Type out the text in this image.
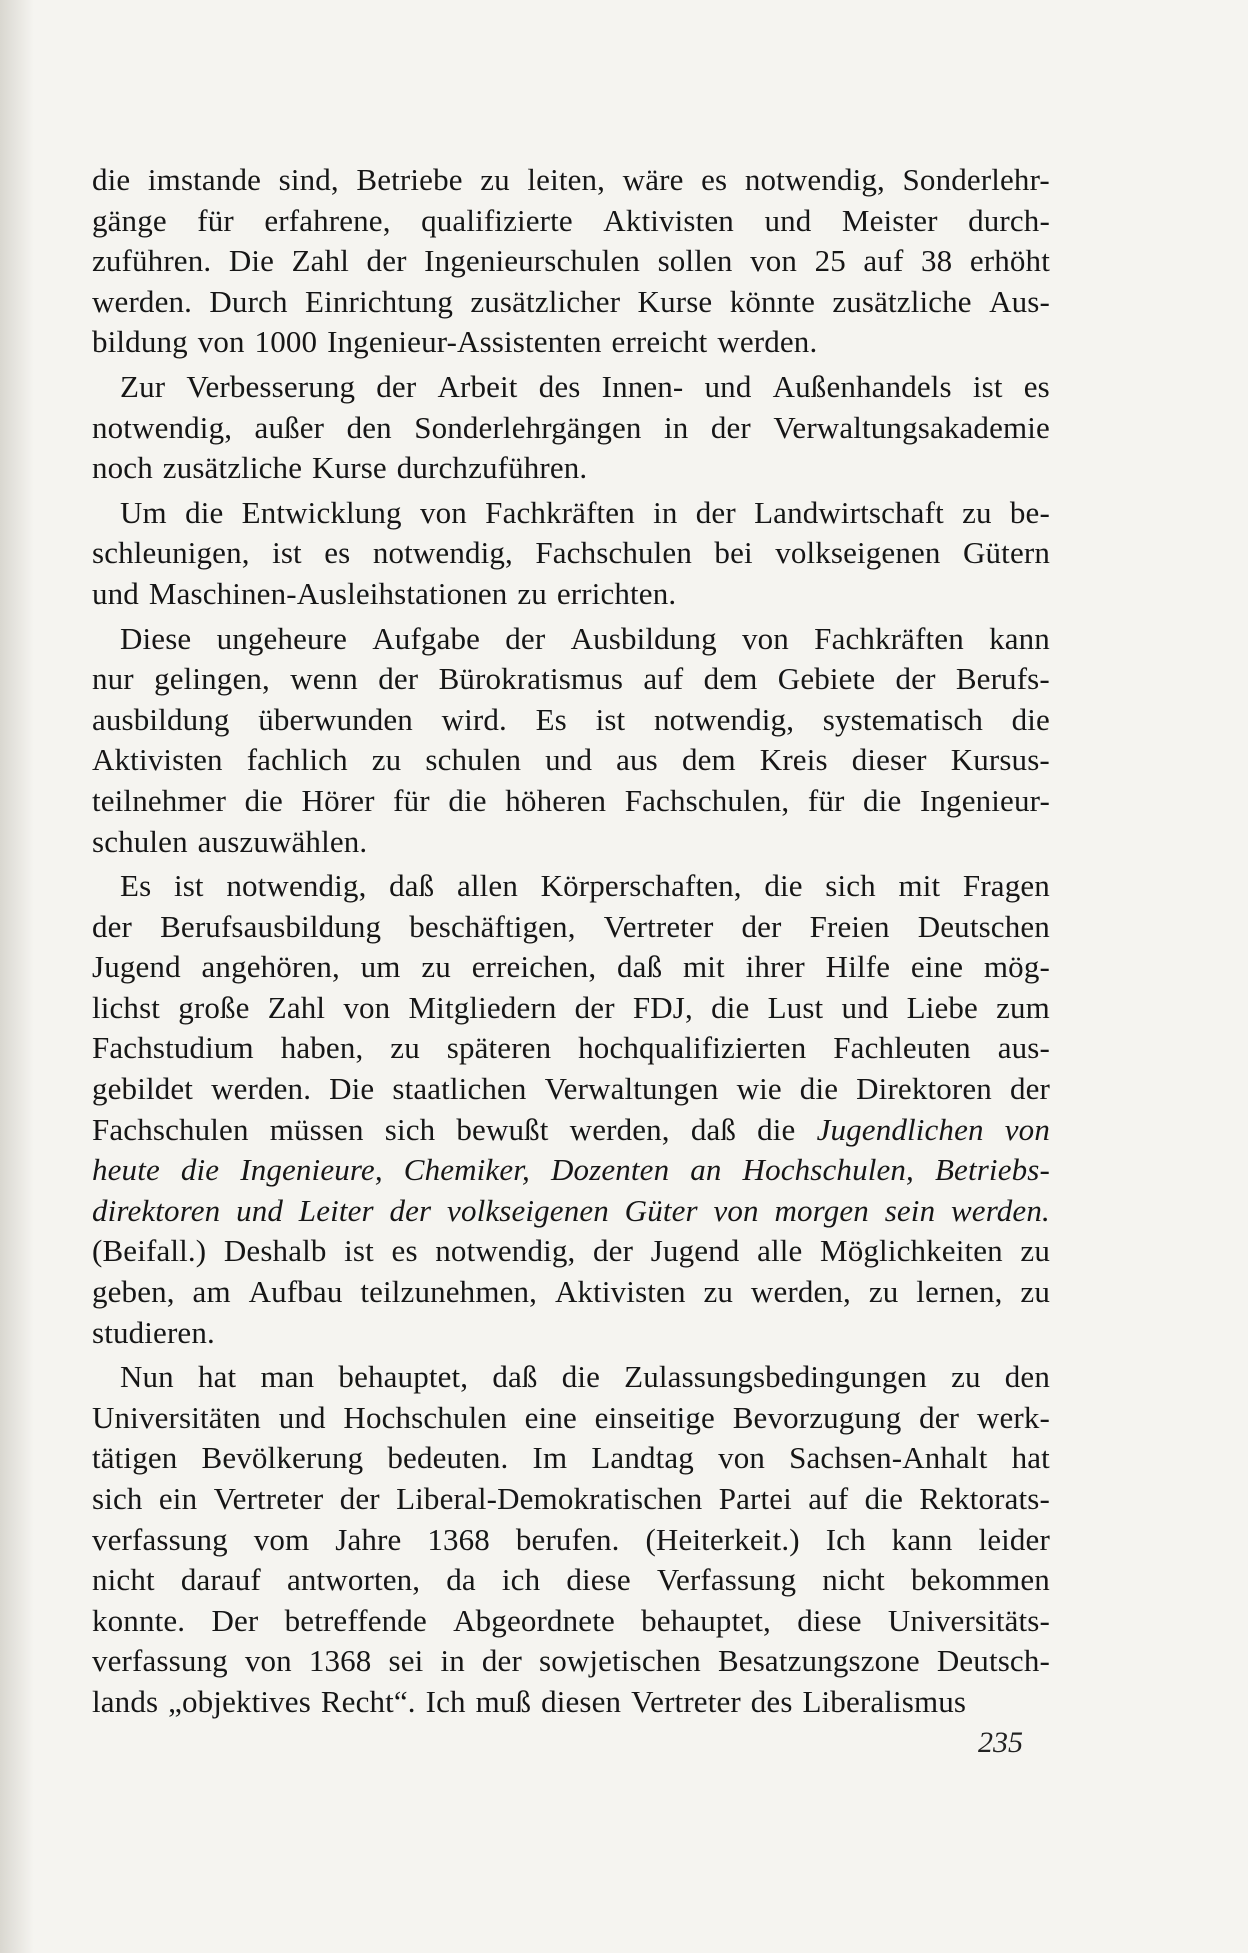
die imstande sind, Betriebe zu leiten, wäre es notwendig, Sonderlehr-
gänge für erfahrene, qualifizierte Aktivisten und Meister durch-
zuführen. Die Zahl der Ingenieurschulen sollen von 25 auf 38 erhöht
werden. Durch Einrichtung zusätzlicher Kurse könnte zusätzliche Aus-
bildung von 1000 Ingenieur-Assistenten erreicht werden.
Zur Verbesserung der Arbeit des Innen- und Außenhandels ist es
notwendig, außer den Sonderlehrgängen in der Verwaltungsakademie
noch zusätzliche Kurse durchzuführen.
Um die Entwicklung von Fachkräften in der Landwirtschaft zu be-
schleunigen, ist es notwendig, Fachschulen bei volkseigenen Gütern
und Maschinen-Ausleihstationen zu errichten.
Diese ungeheure Aufgabe der Ausbildung von Fachkräften kann
nur gelingen, wenn der Bürokratismus auf dem Gebiete der Berufs-
ausbildung überwunden wird. Es ist notwendig, systematisch die
Aktivisten fachlich zu schulen und aus dem Kreis dieser Kursus-
teilnehmer die Hörer für die höheren Fachschulen, für die Ingenieur-
schulen auszuwählen.
Es ist notwendig, daß allen Körperschaften, die sich mit Fragen
der Berufsausbildung beschäftigen, Vertreter der Freien Deutschen
Jugend angehören, um zu erreichen, daß mit ihrer Hilfe eine mög-
lichst große Zahl von Mitgliedern der FDJ, die Lust und Liebe zum
Fachstudium haben, zu späteren hochqualifizierten Fachleuten aus-
gebildet werden. Die staatlichen Verwaltungen wie die Direktoren der
Fachschulen müssen sich bewußt werden, daß die Jugendlichen von
heute die Ingenieure, Chemiker, Dozenten an Hochschulen, Betriebs-
direktoren und Leiter der volkseigenen Güter von morgen sein werden.
(Beifall.) Deshalb ist es notwendig, der Jugend alle Möglichkeiten zu
geben, am Aufbau teilzunehmen, Aktivisten zu werden, zu lernen, zu
studieren.
Nun hat man behauptet, daß die Zulassungsbedingungen zu den
Universitäten und Hochschulen eine einseitige Bevorzugung der werk-
tätigen Bevölkerung bedeuten. Im Landtag von Sachsen-Anhalt hat
sich ein Vertreter der Liberal-Demokratischen Partei auf die Rektorats-
verfassung vom Jahre 1368 berufen. (Heiterkeit.) Ich kann leider
nicht darauf antworten, da ich diese Verfassung nicht bekommen
konnte. Der betreffende Abgeordnete behauptet, diese Universitäts-
verfassung von 1368 sei in der sowjetischen Besatzungszone Deutsch-
lands „objektives Recht“. Ich muß diesen Vertreter des Liberalismus
235
